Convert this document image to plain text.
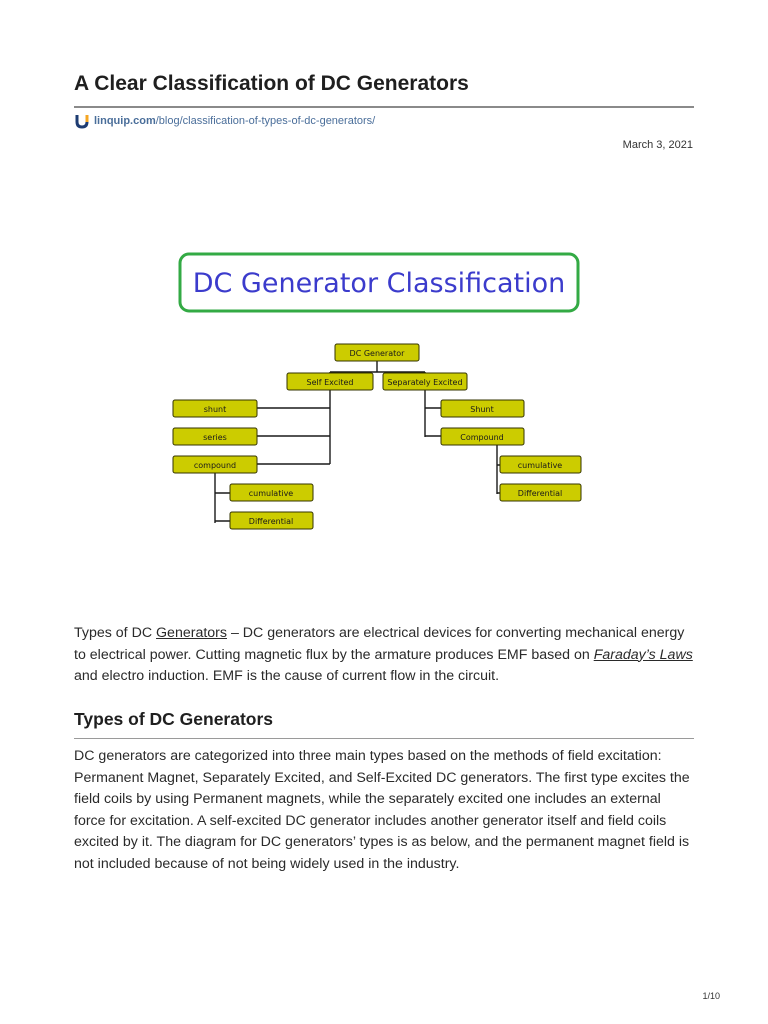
A Clear Classification of DC Generators
linquip.com /blog/classification-of-types-of-dc-generators/
March 3, 2021
DC Generator Classification
DC Generator
Self Excited	Separately Excited
shunt
series
compound
cumulative
Differential
Shunt
Compound
cumulative
Differential

Types of DC Generators – DC generators are electrical devices for converting mechanical energy to electrical power. Cutting magnetic flux by the armature produces EMF based on Faraday’s Laws and electro induction. EMF is the cause of current flow in the circuit.

Types of DC Generators

DC generators are categorized into three main types based on the methods of field excitation: Permanent Magnet, Separately Excited, and Self-Excited DC generators. The first type excites the field coils by using Permanent magnets, while the separately excited one includes an external force for excitation. A self-excited DC generator includes another generator itself and field coils excited by it. The diagram for DC generators’ types is as below, and the permanent magnet field is not included because of not being widely used in the industry.

1/10
